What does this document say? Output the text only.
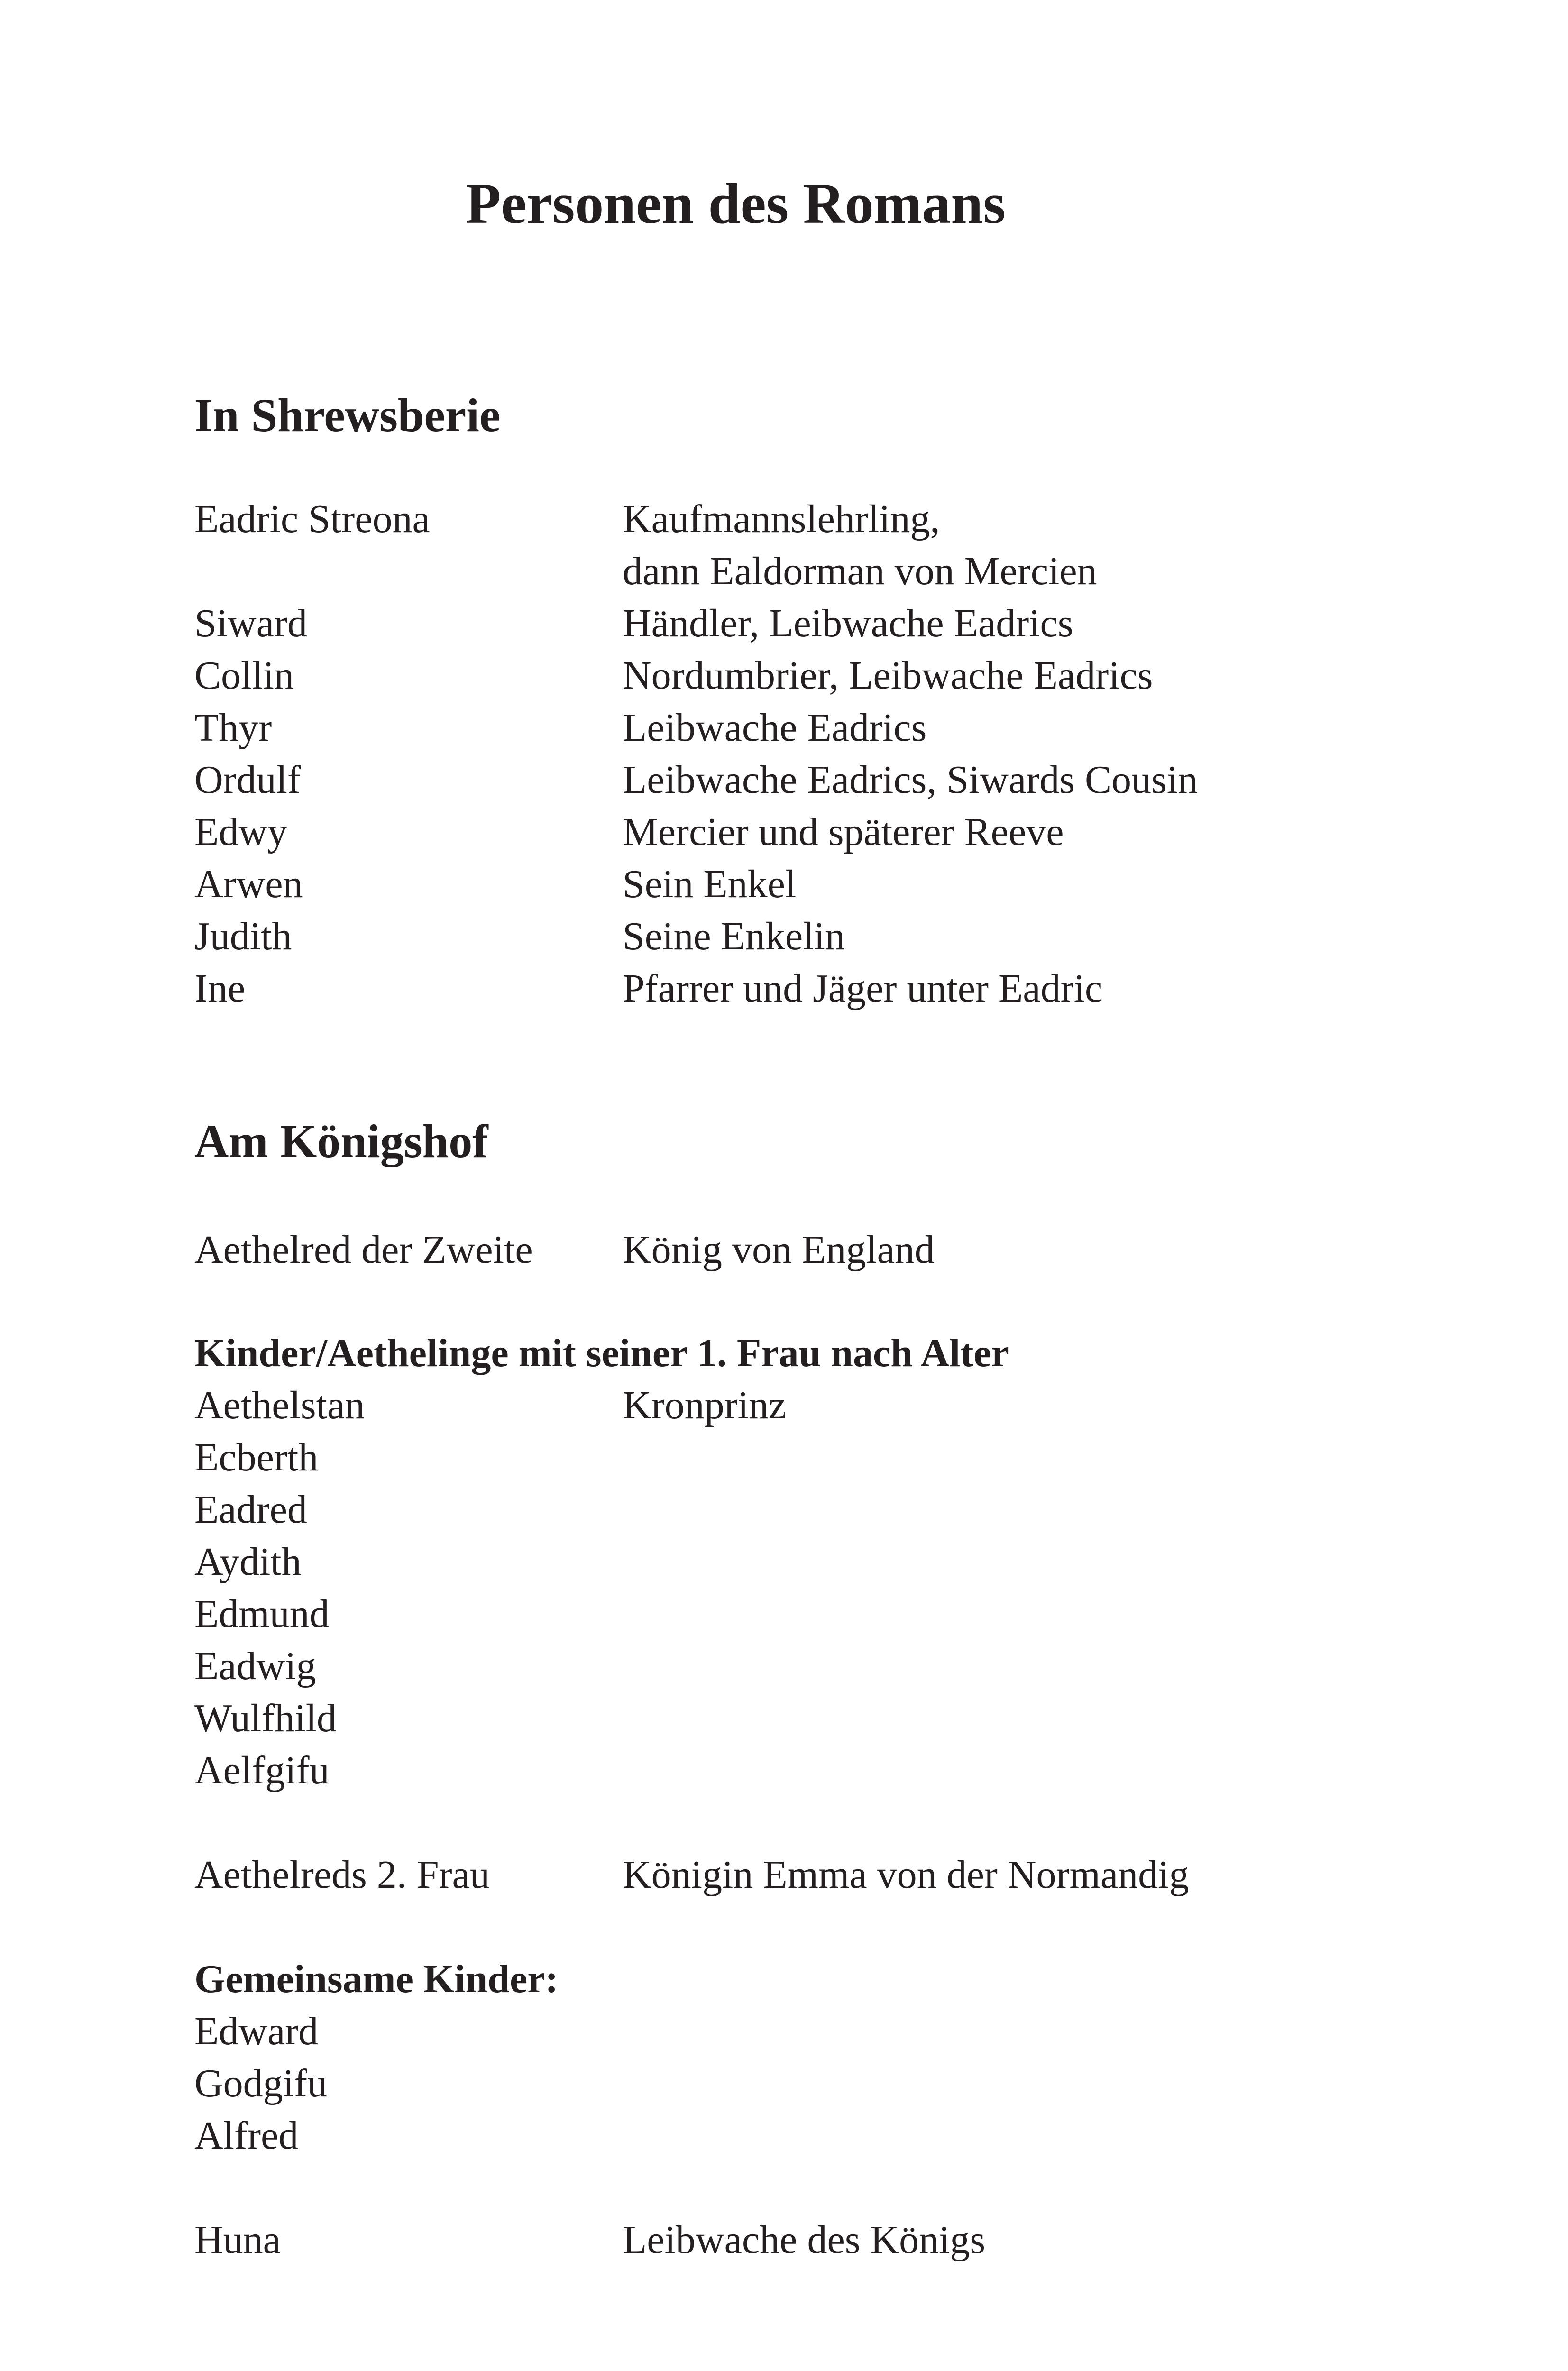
Personen des Romans
In Shrewsberie
Eadric Streona	Kaufmannslehrling,
dann Ealdorman von Mercien
Siward	Händler, Leibwache Eadrics
Collin	Nordumbrier, Leibwache Eadrics
Thyr	Leibwache Eadrics
Ordulf	Leibwache Eadrics, Siwards Cousin
Edwy	Mercier und späterer Reeve
Arwen	Sein Enkel
Judith	Seine Enkelin
Ine	Pfarrer und Jäger unter Eadric
Am Königshof
Aethelred der Zweite	König von England
Kinder/Aethelinge mit seiner 1. Frau nach Alter
Aethelstan	Kronprinz
Ecberth
Eadred
Aydith
Edmund
Eadwig
Wulfhild
Aelfgifu
Aethelreds 2. Frau	Königin Emma von der Normandig
Gemeinsame Kinder:
Edward
Godgifu
Alfred
Huna	Leibwache des Königs
